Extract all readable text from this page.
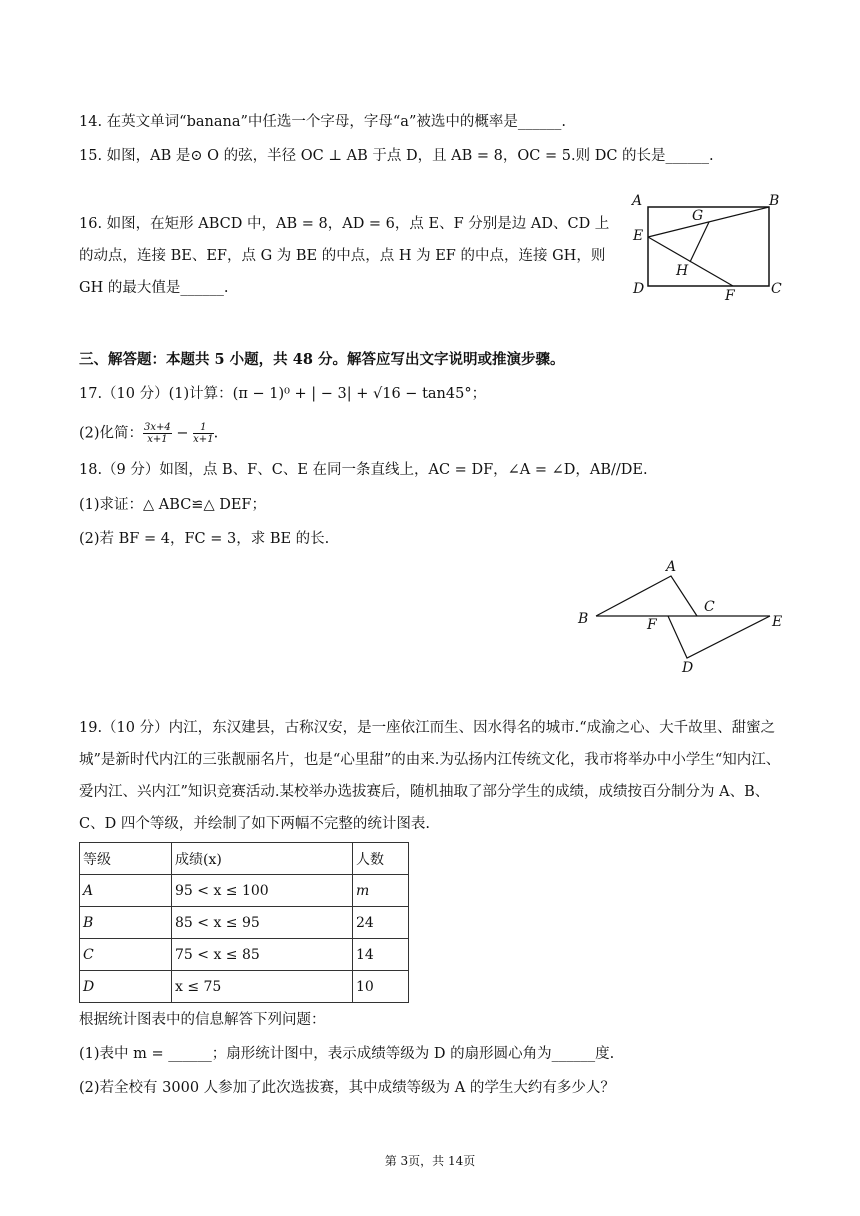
14. 在英文单词“banana”中任选一个字母，字母“a”被选中的概率是______.
15. 如图，AB 是⊙ O 的弦，半径 OC ⊥ AB 于点 D，且 AB = 8，OC = 5.则 DC 的长是______.
16. 如图，在矩形 ABCD 中，AB = 8，AD = 6，点 E、F 分别是边 AD、CD 上的动点，连接 BE、EF，点 G 为 BE 的中点，点 H 为 EF 的中点，连接 GH，则 GH 的最大值是______.
A	B
C
D
E
F
G
H
三、解答题：本题共 5 小题，共 48 分。解答应写出文字说明或推演步骤。
17.（10 分）(1)计算：(π − 1)⁰ + | − 3| + √16 − tan45°；
(2)化简： $\frac{3x+4}{x+1} - \frac{1}{x+1}$ .
18.（9 分）如图，点 B、F、C、E 在同一条直线上，AC = DF，∠A = ∠D，AB//DE.
(1)求证：△ ABC≌△ DEF；
(2)若 BF = 4，FC = 3，求 BE 的长.
A
B
C
D
E
F
19.（10 分）内江，东汉建县，古称汉安，是一座依江而生、因水得名的城市.“成渝之心、大千故里、甜蜜之城”是新时代内江的三张靓丽名片，也是“心里甜”的由来.为弘扬内江传统文化，我市将举办中小学生“知内江、爱内江、兴内江”知识竞赛活动.某校举办选拔赛后，随机抽取了部分学生的成绩，成绩按百分制分为 A、B、C、D 四个等级，并绘制了如下两幅不完整的统计图表.
等级	成绩(x)	人数
A	95 < x ≤ 100	m
B	85 < x ≤ 95	24
C	75 < x ≤ 85	14
D	x ≤ 75	10
根据统计图表中的信息解答下列问题：
(1)表中 m = ______；扇形统计图中，表示成绩等级为 D 的扇形圆心角为______度.
(2)若全校有 3000 人参加了此次选拔赛，其中成绩等级为 A 的学生大约有多少人？
第 3页，共 14页
